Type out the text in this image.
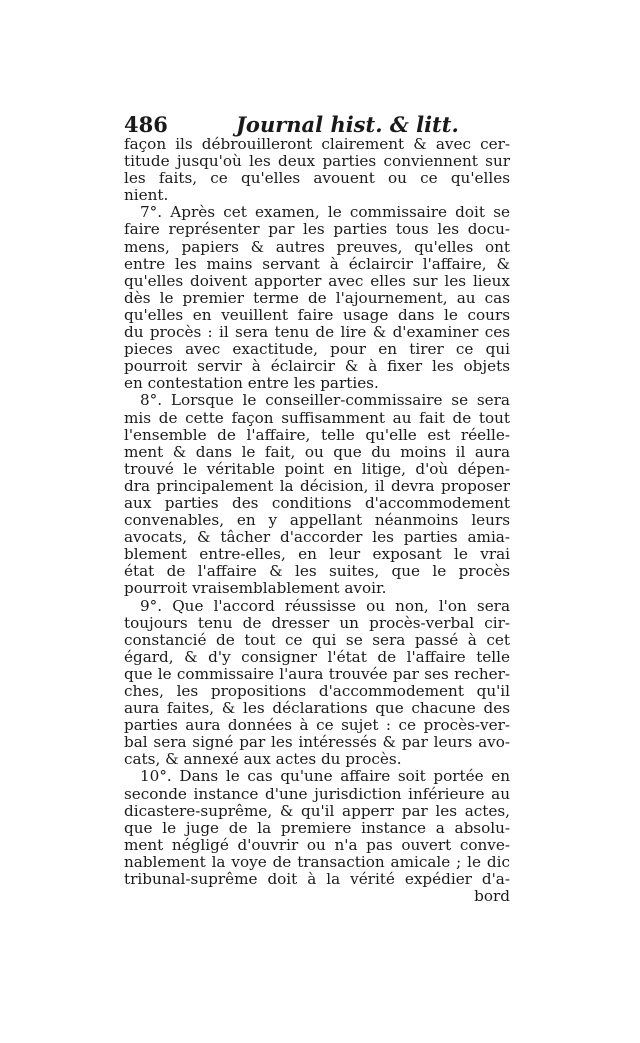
486	Journal hist. & litt.
façon ils débrouilleront clairement & avec cer-
titude jusqu'où les deux parties conviennent sur
les faits, ce qu'elles avouent ou ce qu'elles
nient.
7°. Après cet examen, le commissaire doit se
faire représenter par les parties tous les docu-
mens, papiers & autres preuves, qu'elles ont
entre les mains servant à éclaircir l'affaire, &
qu'elles doivent apporter avec elles sur les lieux
dès le premier terme de l'ajournement, au cas
qu'elles en veuillent faire usage dans le cours
du procès : il sera tenu de lire & d'examiner ces
pieces avec exactitude, pour en tirer ce qui
pourroit servir à éclaircir & à fixer les objets
en contestation entre les parties.
8°. Lorsque le conseiller-commissaire se sera
mis de cette façon suffisamment au fait de tout
l'ensemble de l'affaire, telle qu'elle est réelle-
ment & dans le fait, ou que du moins il aura
trouvé le véritable point en litige, d'où dépen-
dra principalement la décision, il devra proposer
aux parties des conditions d'accommodement
convenables, en y appellant néanmoins leurs
avocats, & tâcher d'accorder les parties amia-
blement entre-elles, en leur exposant le vrai
état de l'affaire & les suites, que le procès
pourroit vraisemblablement avoir.
9°. Que l'accord réussisse ou non, l'on sera
toujours tenu de dresser un procès-verbal cir-
constancié de tout ce qui se sera passé à cet
égard, & d'y consigner l'état de l'affaire telle
que le commissaire l'aura trouvée par ses recher-
ches, les propositions d'accommodement qu'il
aura faites, & les déclarations que chacune des
parties aura données à ce sujet : ce procès-ver-
bal sera signé par les intéressés & par leurs avo-
cats, & annexé aux actes du procès.
10°. Dans le cas qu'une affaire soit portée en
seconde instance d'une jurisdiction inférieure au
dicastere-suprême, & qu'il apperr par les actes,
que le juge de la premiere instance a absolu-
ment négligé d'ouvrir ou n'a pas ouvert conve-
nablement la voye de transaction amicale ; le dic
tribunal-suprême doit à la vérité expédier d'a-
bord
